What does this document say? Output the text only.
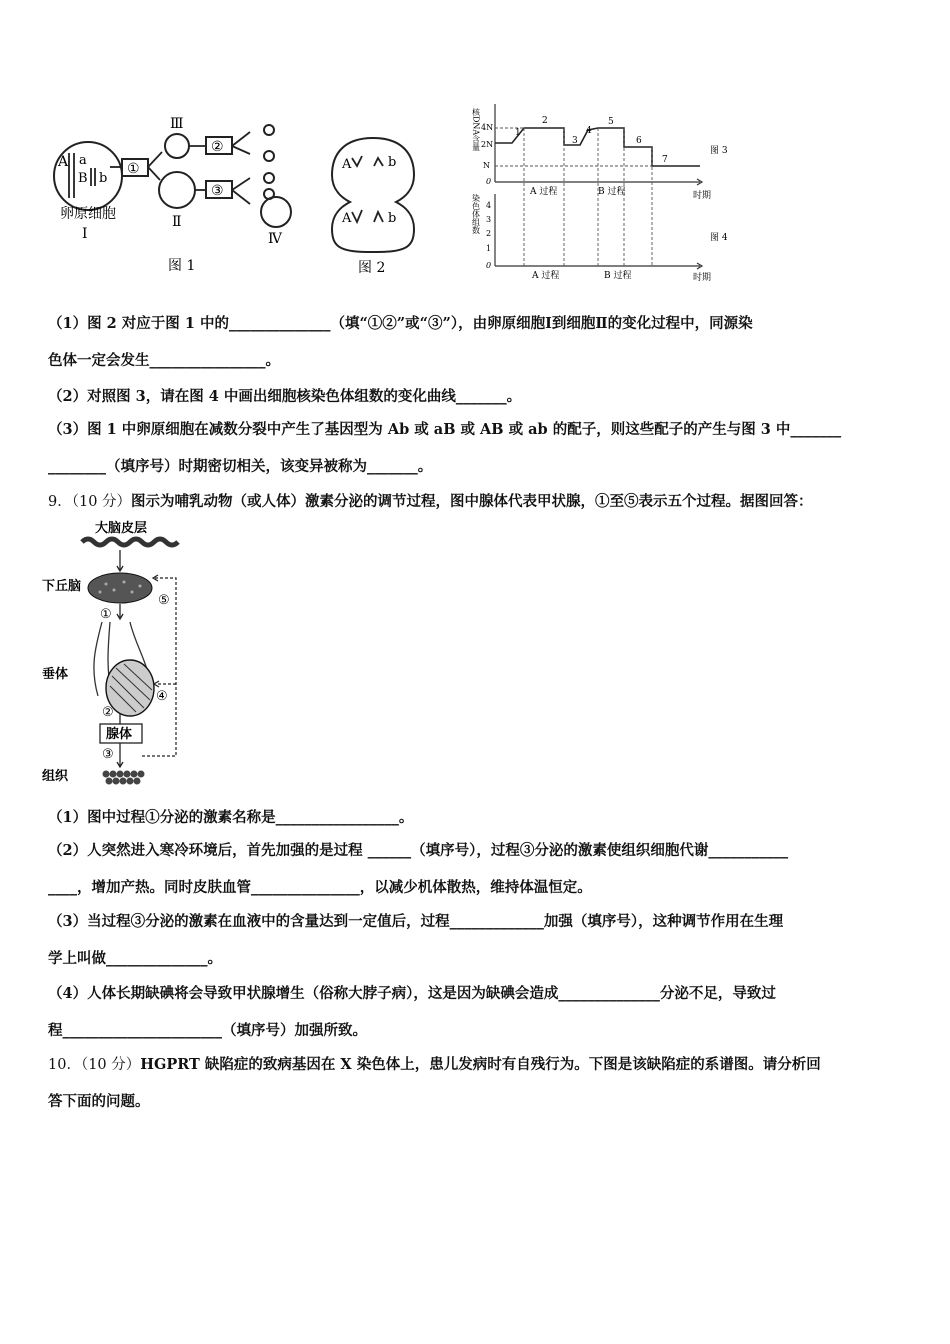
A a
B b
①
②
③
Ⅲ
Ⅱ
Ⅳ
卵原细胞
Ⅰ
图 1
A	b
A	b
图 2
核DNA含量 4N
2N
N
0
1
2
3
4
5
6
7
A 过程	B 过程	时期
图 3
染色体组数 4
3
2
1
0
A 过程	B 过程	时期
图 4
（1）图 2 对应于图 1 中的______________（填“①②”或“③”），由卵原细胞Ⅰ到细胞Ⅱ的变化过程中，同源染
色体一定会发生________________。
（2）对照图 3，请在图 4 中画出细胞核染色体组数的变化曲线_______。
（3）图 1 中卵原细胞在减数分裂中产生了基因型为 Ab 或 aB 或 AB 或 ab 的配子，则这些配子的产生与图 3 中_______
________（填序号）时期密切相关，该变异被称为_______。
9．（10 分）图示为哺乳动物（或人体）激素分泌的调节过程，图中腺体代表甲状腺，①至⑤表示五个过程。据图回答：
大脑皮层
下丘脑
①
垂体
②
腺体
③
组织
⑤
④
（1）图中过程①分泌的激素名称是_________________。
（2）人突然进入寒冷环境后，首先加强的是过程 ______（填序号），过程③分泌的激素使组织细胞代谢___________
____，增加产热。同时皮肤血管_______________，以减少机体散热，维持体温恒定。
（3）当过程③分泌的激素在血液中的含量达到一定值后，过程_____________加强（填序号），这种调节作用在生理
学上叫做______________。
（4）人体长期缺碘将会导致甲状腺增生（俗称大脖子病），这是因为缺碘会造成______________分泌不足，导致过
程______________________（填序号）加强所致。
10．（10 分）HGPRT 缺陷症的致病基因在 X 染色体上，患儿发病时有自残行为。下图是该缺陷症的系谱图。请分析回
答下面的问题。
